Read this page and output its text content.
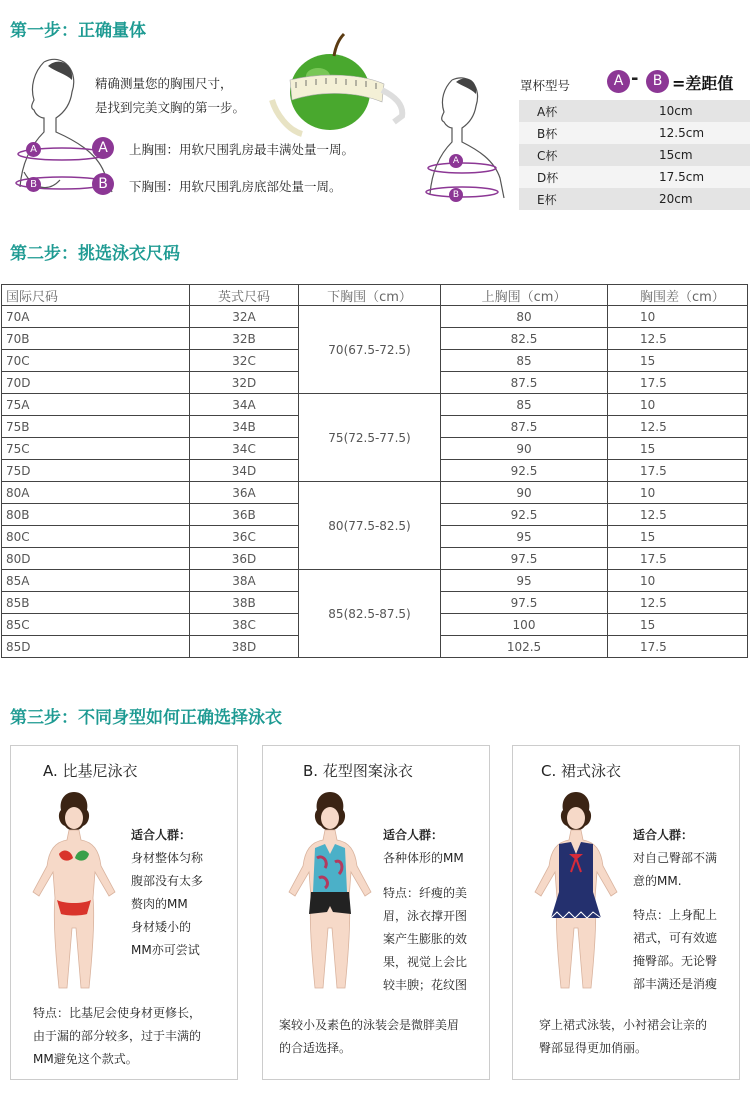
第一步：正确量体
A
B
精确测量您的胸围尺寸，
是找到完美文胸的第一步。
A	上胸围：用软尺围乳房最丰满处量一周。
B	下胸围：用软尺围乳房底部处量一周。
A
B
罩杯型号	A -	B =差距值
A杯	10cm
B杯	12.5cm
C杯	15cm
D杯	17.5cm
E杯	20cm
第二步：挑选泳衣尺码
国际尺码	英式尺码	下胸围（cm）	上胸围（cm）	胸围差（cm）
70A	32A	70(67.5-72.5)	80	10
70B	32B		82.5	12.5
70C	32C		85	15
70D	32D		87.5	17.5
75A	34A	75(72.5-77.5)	85	10
75B	34B		87.5	12.5
75C	34C		90	15
75D	34D		92.5	17.5
80A	36A	80(77.5-82.5)	90	10
80B	36B		92.5	12.5
80C	36C		95	15
80D	36D		97.5	17.5
85A	38A	85(82.5-87.5)	95	10
85B	38B		97.5	12.5
85C	38C		100	15
85D	38D		102.5	17.5
第三步：不同身型如何正确选择泳衣
A. 比基尼泳衣
适合人群：
身材整体匀称
腹部没有太多
赘肉的MM
身材矮小的
MM亦可尝试
特点：比基尼会使身材更修长，
由于漏的部分较多，过于丰满的
MM避免这个款式。
B. 花型图案泳衣
适合人群：
各种体形的MM
特点：纤瘦的美
眉，泳衣撑开图
案产生膨胀的效
果，视觉上会比
较丰腴；花纹图
案较小及素色的泳装会是微胖美眉
的合适选择。
C. 裙式泳衣
适合人群：
对自己臀部不满
意的MM.
特点：上身配上
裙式，可有效遮
掩臀部。无论臀
部丰满还是消瘦
穿上裙式泳装，小衬裙会让亲的
臀部显得更加俏丽。
